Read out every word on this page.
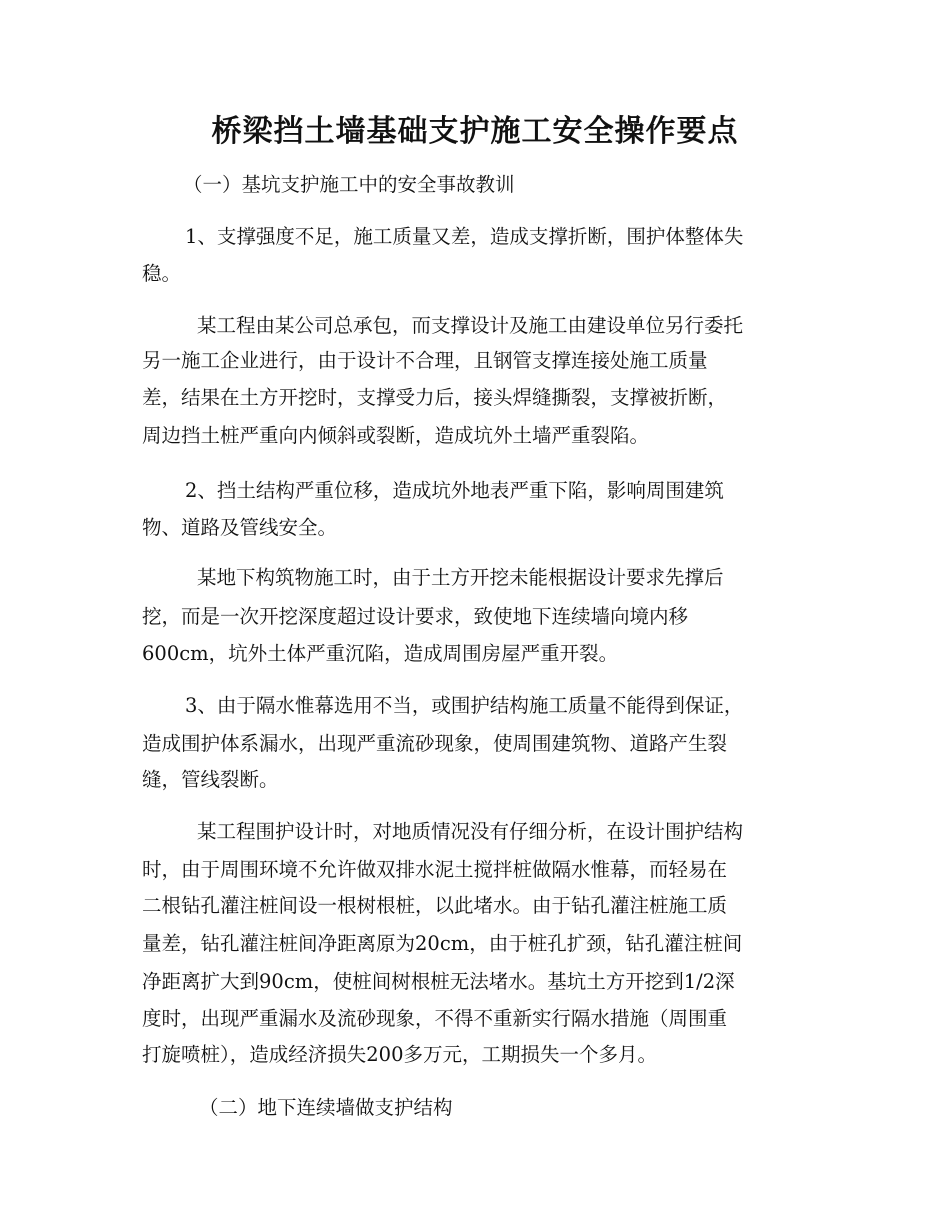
桥梁挡土墙基础支护施工安全操作要点

（一）基坑支护施工中的安全事故教训

1、支撑强度不足，施工质量又差，造成支撑折断，围护体整体失

稳。

某工程由某公司总承包，而支撑设计及施工由建设单位另行委托

另一施工企业进行，由于设计不合理，且钢管支撑连接处施工质量

差，结果在土方开挖时，支撑受力后，接头焊缝撕裂，支撑被折断，

周边挡土桩严重向内倾斜或裂断，造成坑外土墙严重裂陷。

2、挡土结构严重位移，造成坑外地表严重下陷，影响周围建筑

物、道路及管线安全。

某地下构筑物施工时，由于土方开挖未能根据设计要求先撑后

挖，而是一次开挖深度超过设计要求，致使地下连续墙向境内移

600cm，坑外土体严重沉陷，造成周围房屋严重开裂。

3、由于隔水惟幕选用不当，或围护结构施工质量不能得到保证，

造成围护体系漏水，出现严重流砂现象，使周围建筑物、道路产生裂

缝，管线裂断。

某工程围护设计时，对地质情况没有仔细分析，在设计围护结构

时，由于周围环境不允许做双排水泥土搅拌桩做隔水惟幕，而轻易在

二根钻孔灌注桩间设一根树根桩，以此堵水。由于钻孔灌注桩施工质

量差，钻孔灌注桩间净距离原为20cm，由于桩孔扩颈，钻孔灌注桩间

净距离扩大到90cm，使桩间树根桩无法堵水。基坑土方开挖到1/2深

度时，出现严重漏水及流砂现象，不得不重新实行隔水措施（周围重

打旋喷桩），造成经济损失200多万元，工期损失一个多月。

（二）地下连续墙做支护结构
